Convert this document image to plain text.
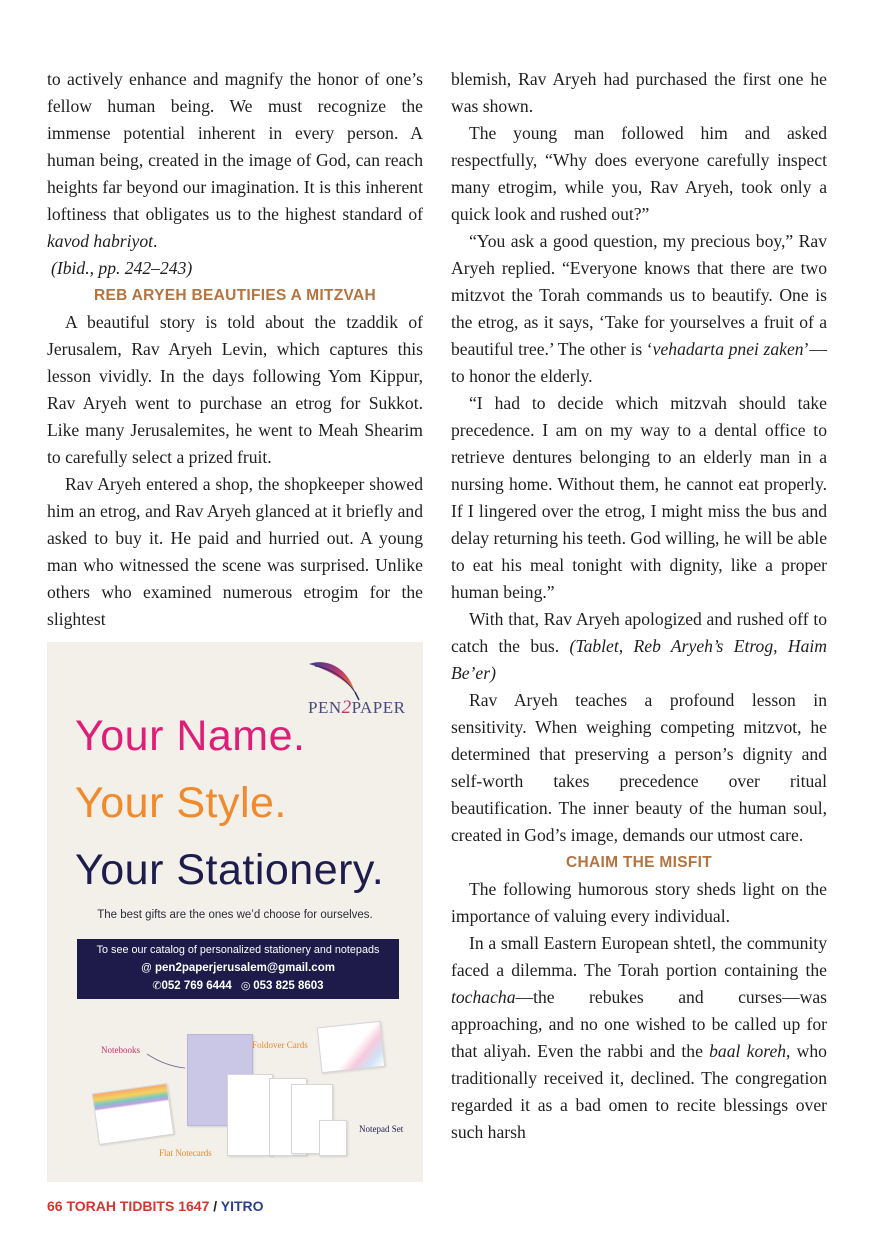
to actively enhance and magnify the honor of one’s fellow human being. We must recognize the immense potential inherent in every person. A human being, created in the image of God, can reach heights far beyond our imagination. It is this inherent loftiness that obligates us to the highest standard of kavod habriyot.

(Ibid., pp. 242–243)

REB ARYEH BEAUTIFIES A MITZVAH

A beautiful story is told about the tzaddik of Jerusalem, Rav Aryeh Levin, which captures this lesson vividly. In the days following Yom Kippur, Rav Aryeh went to purchase an etrog for Sukkot. Like many Jerusalemites, he went to Meah Shearim to carefully select a prized fruit.

Rav Aryeh entered a shop, the shopkeeper showed him an etrog, and Rav Aryeh glanced at it briefly and asked to buy it. He paid and hurried out. A young man who witnessed the scene was surprised. Unlike others who examined numerous etrogim for the slightest

PEN2PAPER
Your Name.
Your Style.
Your Stationery.
The best gifts are the ones we’d choose for ourselves.
To see our catalog of personalized stationery and notepads
@ pen2paperjerusalem@gmail.com
✆052 769 6444 ◎ 053 825 8603
Notebooks	Foldover Cards
Flat Notecards
Notepad Set

blemish, Rav Aryeh had purchased the first one he was shown.

The young man followed him and asked respectfully, “Why does everyone carefully inspect many etrogim, while you, Rav Aryeh, took only a quick look and rushed out?”

“You ask a good question, my precious boy,” Rav Aryeh replied. “Everyone knows that there are two mitzvot the Torah commands us to beautify. One is the etrog, as it says, ‘Take for yourselves a fruit of a beautiful tree.’ The other is ‘vehadarta pnei zaken’—to honor the elderly.

“I had to decide which mitzvah should take precedence. I am on my way to a dental office to retrieve dentures belonging to an elderly man in a nursing home. Without them, he cannot eat properly. If I lingered over the etrog, I might miss the bus and delay returning his teeth. God willing, he will be able to eat his meal tonight with dignity, like a proper human being.”

With that, Rav Aryeh apologized and rushed off to catch the bus. (Tablet, Reb Aryeh’s Etrog, Haim Be’er)

Rav Aryeh teaches a profound lesson in sensitivity. When weighing competing mitzvot, he determined that preserving a person’s dignity and self-worth takes precedence over ritual beautification. The inner beauty of the human soul, created in God’s image, demands our utmost care.

CHAIM THE MISFIT

The following humorous story sheds light on the importance of valuing every individual.

In a small Eastern European shtetl, the community faced a dilemma. The Torah portion containing the tochacha—the rebukes and curses—was approaching, and no one wished to be called up for that aliyah. Even the rabbi and the baal koreh, who traditionally received it, declined. The congregation regarded it as a bad omen to recite blessings over such harsh

66 TORAH TIDBITS 1647 / YITRO
